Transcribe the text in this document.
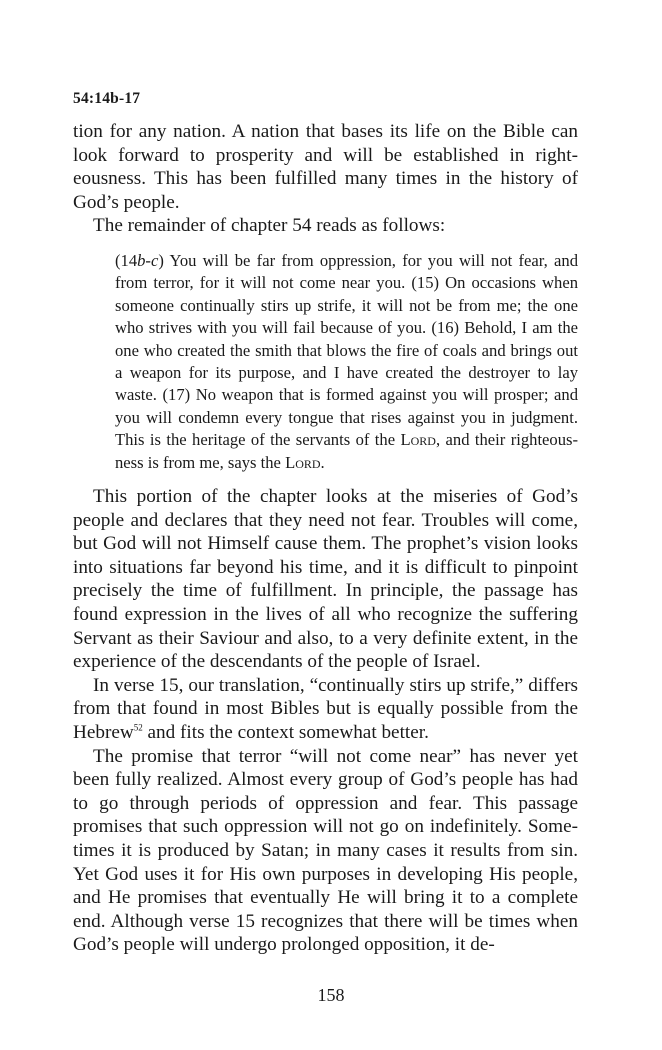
54:14b-17

tion for any nation. A nation that bases its life on the Bible can look forward to prosperity and will be established in righteousness. This has been fulfilled many times in the history of God’s people.

The remainder of chapter 54 reads as follows:

(14b-c) You will be far from oppression, for you will not fear, and from terror, for it will not come near you. (15) On occasions when someone continually stirs up strife, it will not be from me; the one who strives with you will fail because of you. (16) Behold, I am the one who created the smith that blows the fire of coals and brings out a weapon for its purpose, and I have created the destroyer to lay waste. (17) No weapon that is formed against you will prosper; and you will condemn every tongue that rises against you in judgment. This is the heritage of the servants of the Lord, and their righteousness is from me, says the Lord.

This portion of the chapter looks at the miseries of God’s people and declares that they need not fear. Troubles will come, but God will not Himself cause them. The prophet’s vision looks into situations far beyond his time, and it is difficult to pinpoint precisely the time of fulfillment. In principle, the passage has found expression in the lives of all who recognize the suffering Servant as their Saviour and also, to a very definite extent, in the experience of the descendants of the people of Israel.

In verse 15, our translation, “continually stirs up strife,” differs from that found in most Bibles but is equally possible from the Hebrew$^{52}$ and fits the context somewhat better.

The promise that terror “will not come near” has never yet been fully realized. Almost every group of God’s people has had to go through periods of oppression and fear. This passage promises that such oppression will not go on indefinitely. Sometimes it is produced by Satan; in many cases it results from sin. Yet God uses it for His own purposes in developing His people, and He promises that eventually He will bring it to a complete end. Although verse 15 recognizes that there will be times when God’s people will undergo prolonged opposition, it de-

158
